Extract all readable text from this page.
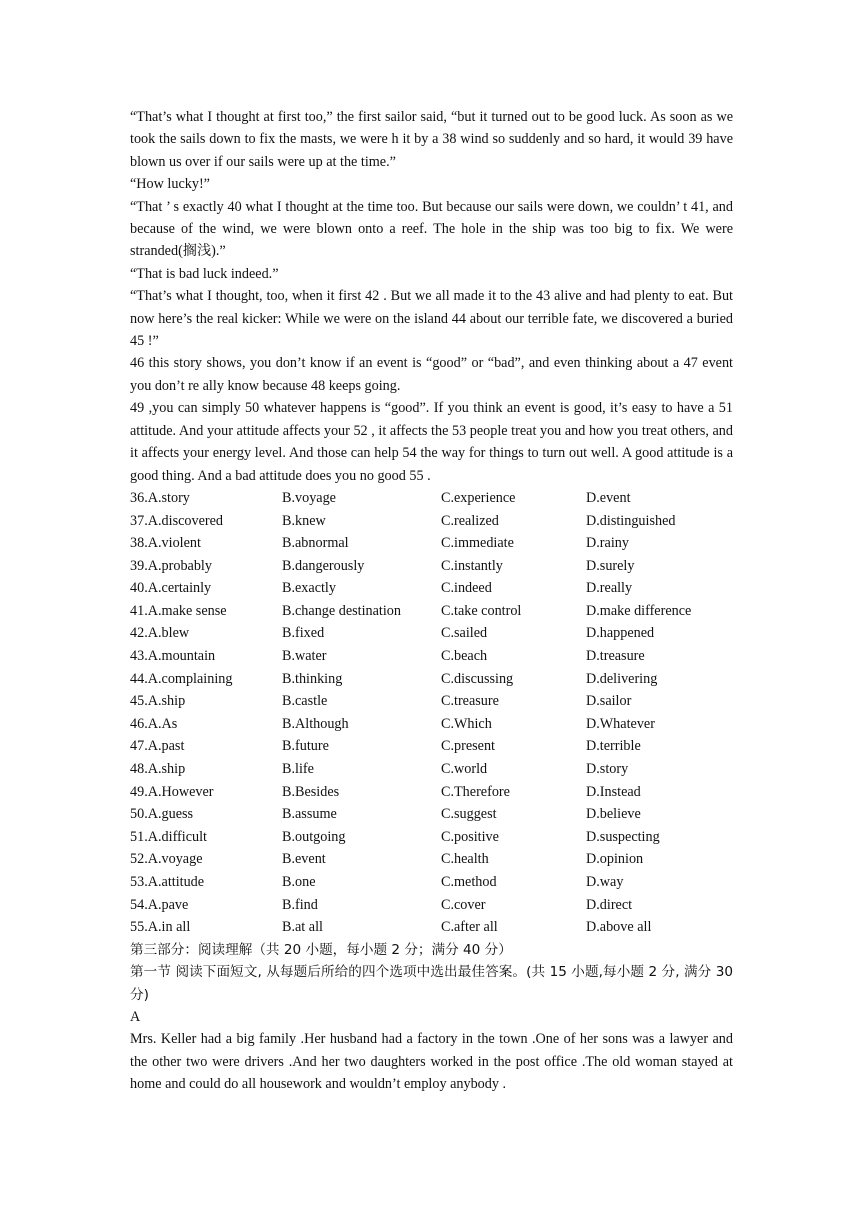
“That’s what I thought at first too,” the first sailor said, “but it turned out to be good luck. As soon as we took the sails down to fix the masts, we were h it by a 38 wind so suddenly and so hard, it would 39 have blown us over if our sails were up at the time.”

“How lucky!”

“That ’ s exactly 40 what I thought at the time too. But because our sails were down, we couldn’ t 41, and because of the wind, we were blown onto a reef. The hole in the ship was too big to fix. We were stranded(搁浅).”

“That is bad luck indeed.”

“That’s what I thought, too, when it first 42 . But we all made it to the 43 alive and had plenty to eat. But now here’s the real kicker: While we were on the island 44 about our terrible fate, we discovered a buried 45 !”

46 this story shows, you don’t know if an event is “good” or “bad”, and even thinking about a 47 event you don’t re ally know because 48 keeps going.

49 ,you can simply 50 whatever happens is “good”. If you think an event is good, it’s easy to have a 51 attitude. And your attitude affects your 52 , it affects the 53 people treat you and how you treat others, and it affects your energy level. And those can help 54 the way for things to turn out well. A good attitude is a good thing. And a bad attitude does you no good 55 .

36.A.story	B.voyage	C.experience	D.event
37.A.discovered	B.knew	C.realized	D.distinguished
38.A.violent	B.abnormal	C.immediate	D.rainy
39.A.probably	B.dangerously	C.instantly	D.surely
40.A.certainly	B.exactly	C.indeed	D.really
41.A.make sense	B.change destination	C.take control	D.make difference
42.A.blew	B.fixed	C.sailed	D.happened
43.A.mountain	B.water	C.beach	D.treasure
44.A.complaining	B.thinking	C.discussing	D.delivering
45.A.ship	B.castle	C.treasure	D.sailor
46.A.As	B.Although	C.Which	D.Whatever
47.A.past	B.future	C.present	D.terrible
48.A.ship	B.life	C.world	D.story
49.A.However	B.Besides	C.Therefore	D.Instead
50.A.guess	B.assume	C.suggest	D.believe
51.A.difficult	B.outgoing	C.positive	D.suspecting
52.A.voyage	B.event	C.health	D.opinion
53.A.attitude	B.one	C.method	D.way
54.A.pave	B.find	C.cover	D.direct
55.A.in all	B.at all	C.after all	D.above all

第三部分：阅读理解（共 20 小题，每小题 2 分；满分 40 分）

第一节 阅读下面短文, 从每题后所给的四个选项中选出最佳答案。(共 15 小题,每小题 2 分, 满分 30 分)

A

Mrs. Keller had a big family .Her husband had a factory in the town .One of her sons was a lawyer and the other two were drivers .And her two daughters worked in the post office .The old woman stayed at home and could do all housework and wouldn’t employ anybody .
